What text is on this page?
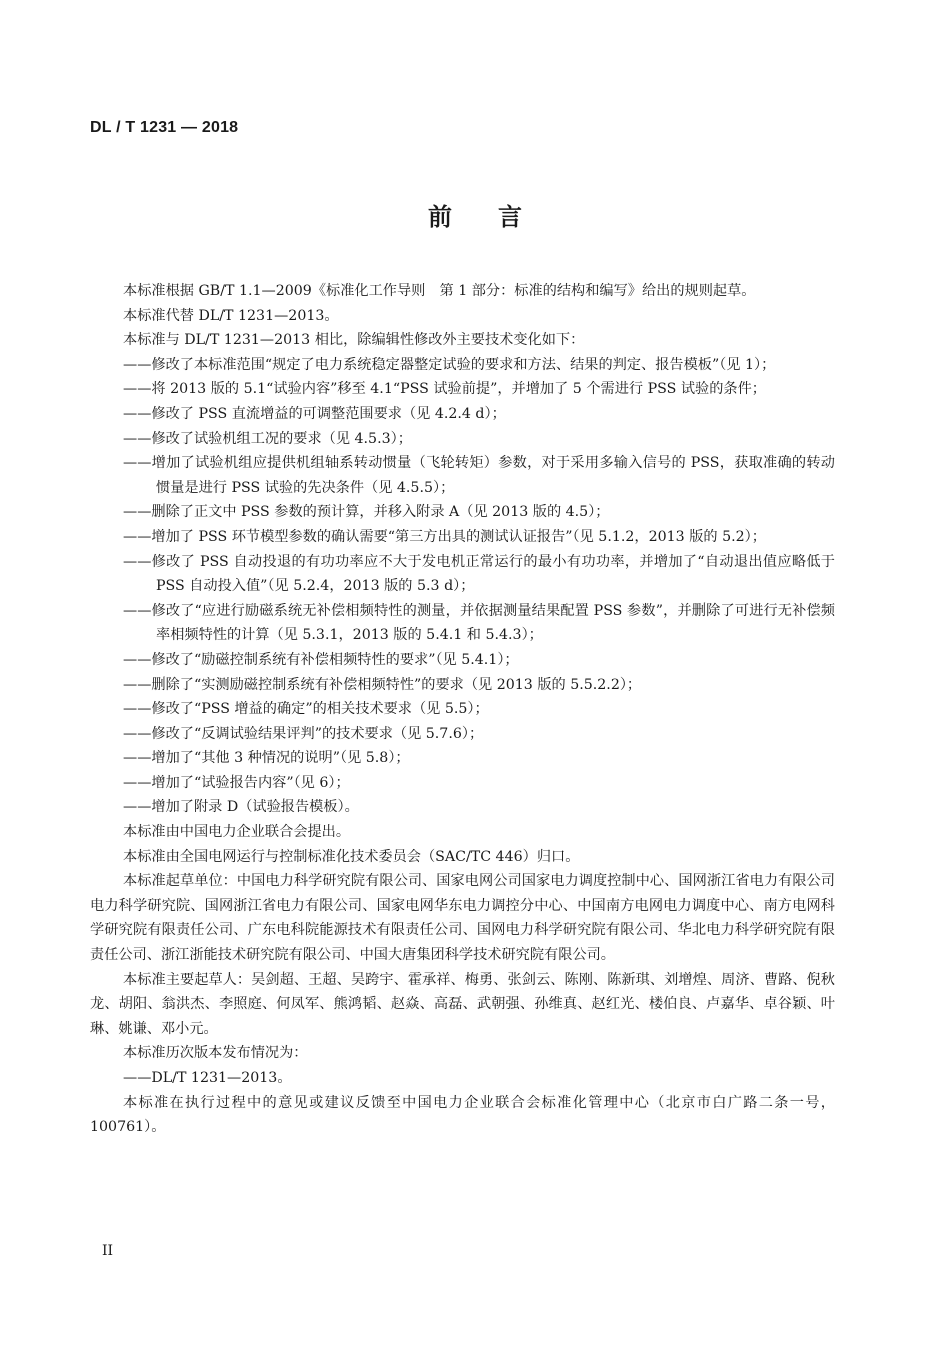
DL / T 1231 — 2018
前 言

本标准根据 GB/T 1.1—2009《标准化工作导则　第 1 部分：标准的结构和编写》给出的规则起草。

本标准代替 DL/T 1231—2013。

本标准与 DL/T 1231—2013 相比，除编辑性修改外主要技术变化如下：

——修改了本标准范围“规定了电力系统稳定器整定试验的要求和方法、结果的判定、报告模板”（见 1）；

——将 2013 版的 5.1“试验内容”移至 4.1“PSS 试验前提”，并增加了 5 个需进行 PSS 试验的条件；

——修改了 PSS 直流增益的可调整范围要求（见 4.2.4 d）；

——修改了试验机组工况的要求（见 4.5.3）；

——增加了试验机组应提供机组轴系转动惯量（飞轮转矩）参数，对于采用多输入信号的 PSS，获取准确的转动惯量是进行 PSS 试验的先决条件（见 4.5.5）；

——删除了正文中 PSS 参数的预计算，并移入附录 A（见 2013 版的 4.5）；

——增加了 PSS 环节模型参数的确认需要“第三方出具的测试认证报告”（见 5.1.2，2013 版的 5.2）；

——修改了 PSS 自动投退的有功功率应不大于发电机正常运行的最小有功功率，并增加了“自动退出值应略低于 PSS 自动投入值”（见 5.2.4，2013 版的 5.3 d）；

——修改了“应进行励磁系统无补偿相频特性的测量，并依据测量结果配置 PSS 参数”，并删除了可进行无补偿频率相频特性的计算（见 5.3.1，2013 版的 5.4.1 和 5.4.3）；

——修改了“励磁控制系统有补偿相频特性的要求”（见 5.4.1）；

——删除了“实测励磁控制系统有补偿相频特性”的要求（见 2013 版的 5.5.2.2）；

——修改了“PSS 增益的确定”的相关技术要求（见 5.5）；

——修改了“反调试验结果评判”的技术要求（见 5.7.6）；

——增加了“其他 3 种情况的说明”（见 5.8）；

——增加了“试验报告内容”（见 6）；

——增加了附录 D（试验报告模板）。

本标准由中国电力企业联合会提出。

本标准由全国电网运行与控制标准化技术委员会（SAC/TC 446）归口。

本标准起草单位：中国电力科学研究院有限公司、国家电网公司国家电力调度控制中心、国网浙江省电力有限公司电力科学研究院、国网浙江省电力有限公司、国家电网华东电力调控分中心、中国南方电网电力调度中心、南方电网科学研究院有限责任公司、广东电科院能源技术有限责任公司、国网电力科学研究院有限公司、华北电力科学研究院有限责任公司、浙江浙能技术研究院有限公司、中国大唐集团科学技术研究院有限公司。

本标准主要起草人：吴剑超、王超、吴跨宇、霍承祥、梅勇、张剑云、陈刚、陈新琪、刘增煌、周济、曹路、倪秋龙、胡阳、翁洪杰、李照庭、何凤军、熊鸿韬、赵焱、高磊、武朝强、孙维真、赵红光、楼伯良、卢嘉华、卓谷颖、叶琳、姚谦、邓小元。

本标准历次版本发布情况为：

——DL/T 1231—2013。

本标准在执行过程中的意见或建议反馈至中国电力企业联合会标准化管理中心（北京市白广路二条一号，100761）。

II
